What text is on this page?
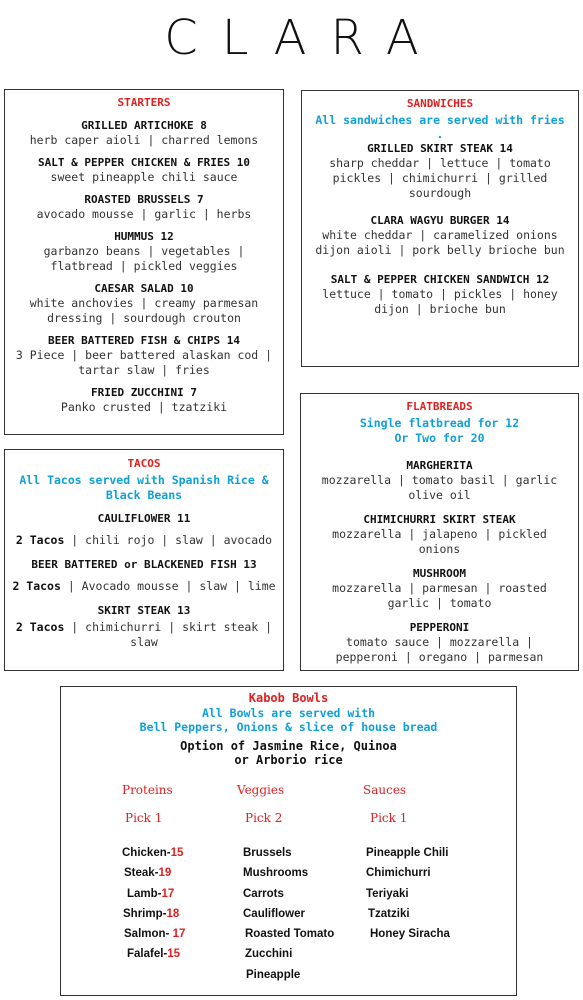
CLARA
STARTERS
GRILLED ARTICHOKE 8
herb caper aioli | charred lemons
SALT & PEPPER CHICKEN & FRIES 10
sweet pineapple chili sauce
ROASTED BRUSSELS 7
avocado mousse | garlic | herbs
HUMMUS 12
garbanzo beans | vegetables | flatbread | pickled veggies
CAESAR SALAD 10
white anchovies | creamy parmesan dressing | sourdough crouton
BEER BATTERED FISH & CHIPS 14
3 Piece | beer battered alaskan cod | tartar slaw | fries
FRIED ZUCCHINI 7
Panko crusted | tzatziki
SANDWICHES
All sandwiches are served with fries
.
GRILLED SKIRT STEAK 14
sharp cheddar | lettuce | tomato pickles | chimichurri | grilled sourdough
CLARA WAGYU BURGER 14
white cheddar | caramelized onions dijon aioli | pork belly brioche bun
SALT & PEPPER CHICKEN SANDWICH 12
lettuce | tomato | pickles | honey dijon | brioche bun
TACOS
All Tacos served with Spanish Rice & Black Beans
CAULIFLOWER 11
2 Tacos | chili rojo | slaw | avocado
BEER BATTERED or BLACKENED FISH 13
2 Tacos | Avocado mousse | slaw | lime
SKIRT STEAK 13
2 Tacos | chimichurri | skirt steak | slaw
FLATBREADS
Single flatbread for 12
Or Two for 20
MARGHERITA
mozzarella | tomato basil | garlic olive oil
CHIMICHURRI SKIRT STEAK
mozzarella | jalapeno | pickled onions
MUSHROOM
mozzarella | parmesan | roasted garlic | tomato
PEPPERONI
tomato sauce | mozzarella | pepperoni | oregano | parmesan
Kabob Bowls
All Bowls are served with
Bell Peppers, Onions & slice of house bread
Option of Jasmine Rice, Quinoa
or Arborio rice
Proteins
Pick 1
Chicken-15
Steak-19
Lamb-17
Shrimp-18
Salmon- 17
Falafel-15
Veggies
Pick 2
Brussels
Mushrooms
Carrots
Cauliflower
Roasted Tomato
Zucchini
Pineapple
Sauces
Pick 1
Pineapple Chili
Chimichurri
Teriyaki
Tzatziki
Honey Siracha
